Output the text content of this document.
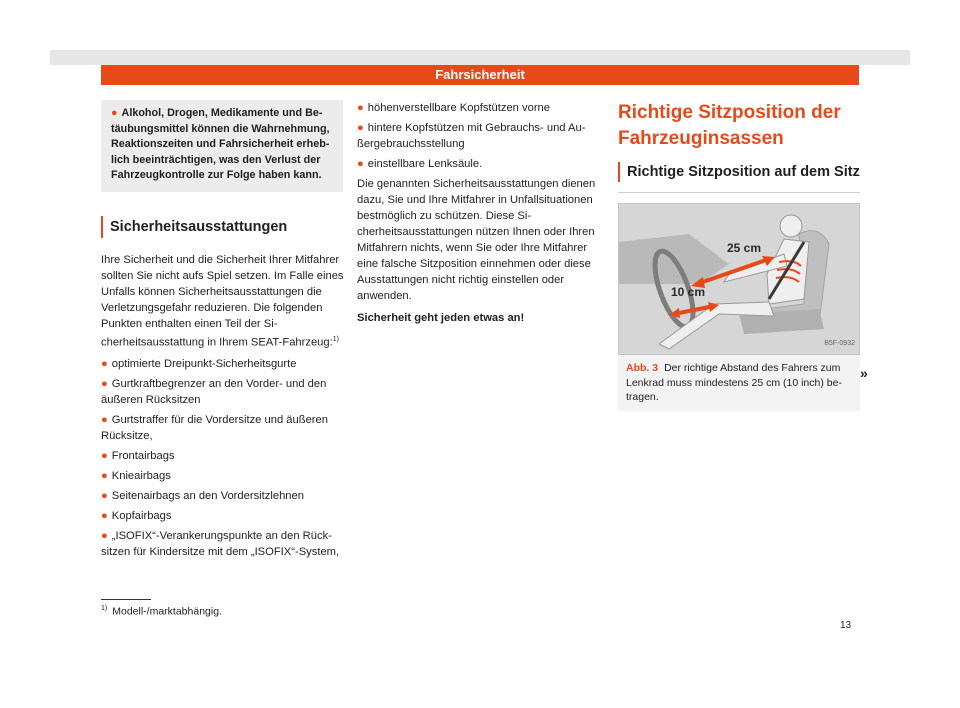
Fahrsicherheit
● Alkohol, Drogen, Medikamente und Betäubungsmittel können die Wahrnehmung, Reaktionszeiten und Fahrsicherheit erheblich beeinträchtigen, was den Verlust der Fahrzeugkontrolle zur Folge haben kann.
Sicherheitsausstattungen

Ihre Sicherheit und die Sicherheit Ihrer Mitfahrer sollten Sie nicht aufs Spiel setzen. Im Falle eines Unfalls können Sicherheitsausstattungen die Verletzungsgefahr reduzieren. Die folgenden Punkten enthalten einen Teil der Sicherheitsausstattung in Ihrem SEAT-Fahrzeug:$^{1)}$

● optimierte Dreipunkt-Sicherheitsgurte
● Gurtkraftbegrenzer an den Vorder- und den äußeren Rücksitzen
● Gurtstraffer für die Vordersitze und äußeren Rücksitze,
● Frontairbags
● Knieairbags
● Seitenairbags an den Vordersitzlehnen
● Kopfairbags
● „ISOFIX“-Verankerungspunkte an den Rücksitzen für Kindersitze mit dem „ISOFIX“-System,
● höhenverstellbare Kopfstützen vorne
● hintere Kopfstützen mit Gebrauchs- und Außergebrauchsstellung
● einstellbare Lenksäule.

Die genannten Sicherheitsausstattungen dienen dazu, Sie und Ihre Mitfahrer in Unfallsituationen bestmöglich zu schützen. Diese Sicherheitsausstattungen nützen Ihnen oder Ihren Mitfahrern nichts, wenn Sie oder Ihre Mitfahrer eine falsche Sitzposition einnehmen oder diese Ausstattungen nicht richtig einstellen oder anwenden.

Sicherheit geht jeden etwas an!

Richtige Sitzposition der Fahrzeuginsassen
Richtige Sitzposition auf dem Sitz
25 cm
10 cm
B5F-0932
Abb. 3 Der richtige Abstand des Fahrers zum Lenkrad muss mindestens 25 cm (10 inch) betragen.
»
$^{1)}$ Modell-/marktabhängig.
13
